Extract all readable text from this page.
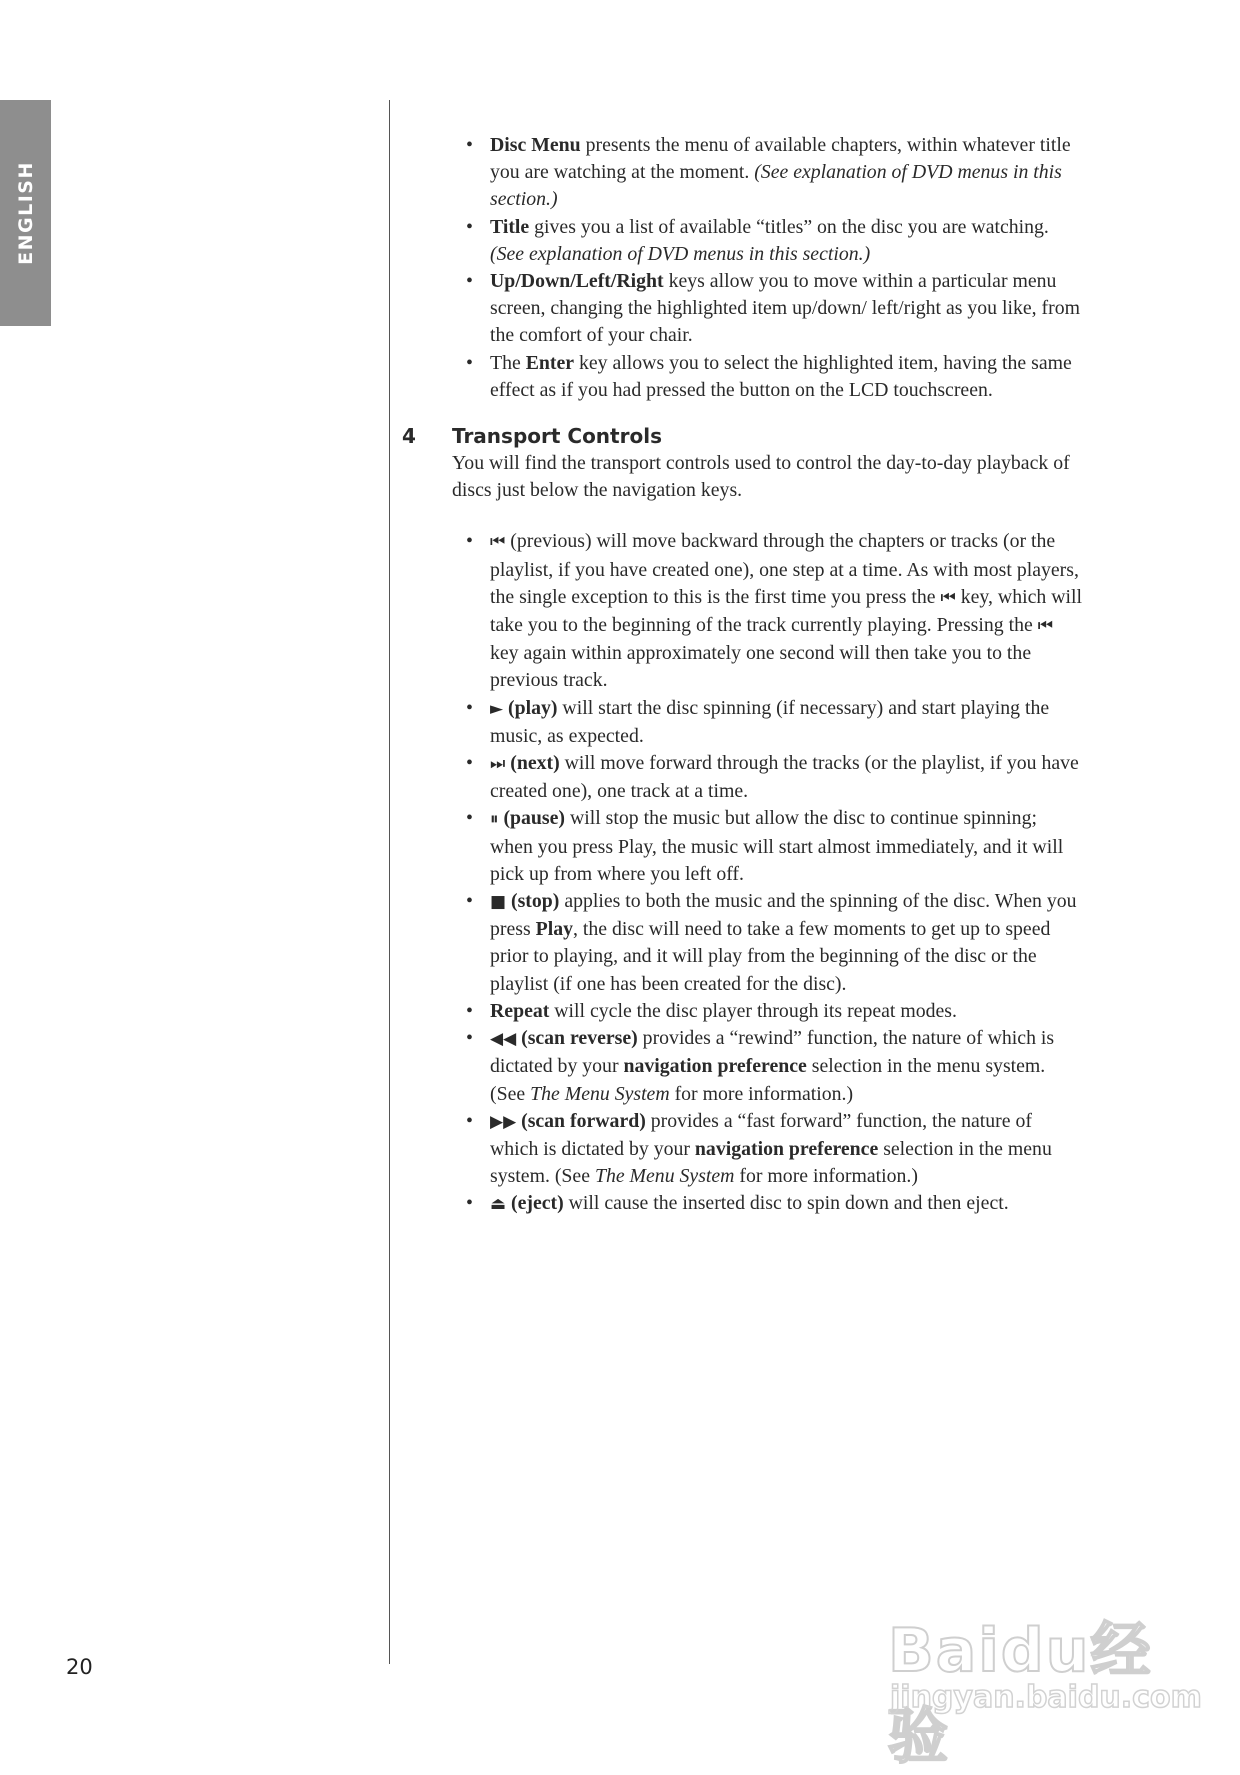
ENGLISH
• Disc Menu presents the menu of available chapters, within whatever title you are watching at the moment. (See explanation of DVD menus in this section.)
• Title gives you a list of available “titles” on the disc you are watching. (See explanation of DVD menus in this section.)
• Up/Down/Left/Right keys allow you to move within a particular menu screen, changing the highlighted item up/down/ left/right as you like, from the comfort of your chair.
• The Enter key allows you to select the highlighted item, having the same effect as if you had pressed the button on the LCD touchscreen.
4 Transport Controls
You will find the transport controls used to control the day-to-day playback of discs just below the navigation keys.
• ⏮ (previous) will move backward through the chapters or tracks (or the playlist, if you have created one), one step at a time. As with most players, the single exception to this is the first time you press the ⏮ key, which will take you to the beginning of the track currently playing. Pressing the ⏮ key again within approximately one second will then take you to the previous track.
• ► (play) will start the disc spinning (if necessary) and start playing the music, as expected.
• ⏭ (next) will move forward through the tracks (or the playlist, if you have created one), one track at a time.
• ⏸ (pause) will stop the music but allow the disc to continue spinning; when you press Play, the music will start almost immediately, and it will pick up from where you left off.
• ■ (stop) applies to both the music and the spinning of the disc. When you press Play, the disc will need to take a few moments to get up to speed prior to playing, and it will play from the beginning of the disc or the playlist (if one has been created for the disc).
• Repeat will cycle the disc player through its repeat modes.
• ◀◀ (scan reverse) provides a “rewind” function, the nature of which is dictated by your navigation preference selection in the menu system. (See The Menu System for more information.)
• ▶▶ (scan forward) provides a “fast forward” function, the nature of which is dictated by your navigation preference selection in the menu system. (See The Menu System for more information.)
• ⏏ (eject) will cause the inserted disc to spin down and then eject.
20	Baidu经验
jingyan.baidu.com
